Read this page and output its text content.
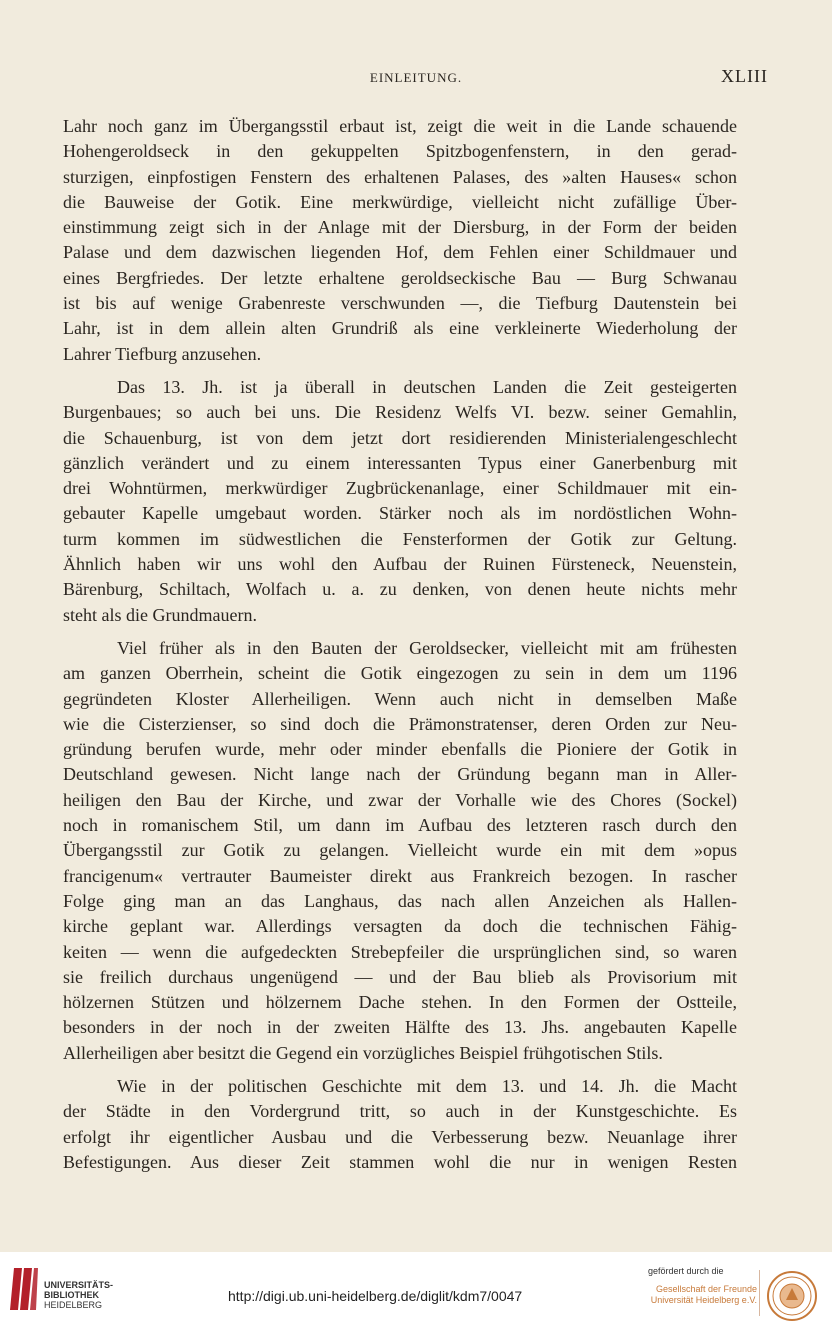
EINLEITUNG.	XLIII
Lahr noch ganz im Übergangsstil erbaut ist, zeigt die weit in die Lande schauende
Hohengeroldseck in den gekuppelten Spitzbogenfenstern, in den gerad-
sturzigen, einpfostigen Fenstern des erhaltenen Palases, des »alten Hauses« schon
die Bauweise der Gotik. Eine merkwürdige, vielleicht nicht zufällige Über-
einstimmung zeigt sich in der Anlage mit der Diersburg, in der Form der beiden
Palase und dem dazwischen liegenden Hof, dem Fehlen einer Schildmauer und
eines Bergfriedes. Der letzte erhaltene geroldseckische Bau — Burg Schwanau
ist bis auf wenige Grabenreste verschwunden —, die Tiefburg Dautenstein bei
Lahr, ist in dem allein alten Grundriß als eine verkleinerte Wiederholung der
Lahrer Tiefburg anzusehen.
Das 13. Jh. ist ja überall in deutschen Landen die Zeit gesteigerten
Burgenbaues; so auch bei uns. Die Residenz Welfs VI. bezw. seiner Gemahlin,
die Schauenburg, ist von dem jetzt dort residierenden Ministerialengeschlecht
gänzlich verändert und zu einem interessanten Typus einer Ganerbenburg mit
drei Wohntürmen, merkwürdiger Zugbrückenanlage, einer Schildmauer mit ein-
gebauter Kapelle umgebaut worden. Stärker noch als im nordöstlichen Wohn-
turm kommen im südwestlichen die Fensterformen der Gotik zur Geltung.
Ähnlich haben wir uns wohl den Aufbau der Ruinen Fürsteneck, Neuenstein,
Bärenburg, Schiltach, Wolfach u. a. zu denken, von denen heute nichts mehr
steht als die Grundmauern.
Viel früher als in den Bauten der Geroldsecker, vielleicht mit am frühesten
am ganzen Oberrhein, scheint die Gotik eingezogen zu sein in dem um 1196
gegründeten Kloster Allerheiligen. Wenn auch nicht in demselben Maße
wie die Cisterzienser, so sind doch die Prämonstratenser, deren Orden zur Neu-
gründung berufen wurde, mehr oder minder ebenfalls die Pioniere der Gotik in
Deutschland gewesen. Nicht lange nach der Gründung begann man in Aller-
heiligen den Bau der Kirche, und zwar der Vorhalle wie des Chores (Sockel)
noch in romanischem Stil, um dann im Aufbau des letzteren rasch durch den
Übergangsstil zur Gotik zu gelangen. Vielleicht wurde ein mit dem »opus
francigenum« vertrauter Baumeister direkt aus Frankreich bezogen. In rascher
Folge ging man an das Langhaus, das nach allen Anzeichen als Hallen-
kirche geplant war. Allerdings versagten da doch die technischen Fähig-
keiten — wenn die aufgedeckten Strebepfeiler die ursprünglichen sind, so waren
sie freilich durchaus ungenügend — und der Bau blieb als Provisorium mit
hölzernen Stützen und hölzernem Dache stehen. In den Formen der Ostteile,
besonders in der noch in der zweiten Hälfte des 13. Jhs. angebauten Kapelle
Allerheiligen aber besitzt die Gegend ein vorzügliches Beispiel frühgotischen Stils.
Wie in der politischen Geschichte mit dem 13. und 14. Jh. die Macht
der Städte in den Vordergrund tritt, so auch in der Kunstgeschichte. Es
erfolgt ihr eigentlicher Ausbau und die Verbesserung bezw. Neuanlage ihrer
Befestigungen. Aus dieser Zeit stammen wohl die nur in wenigen Resten
UNIVERSITÄTS-
BIBLIOTHEK
HEIDELBERG
http://digi.ub.uni-heidelberg.de/diglit/kdm7/0047
gefördert durch die
Gesellschaft der Freunde
Universität Heidelberg e.V.
